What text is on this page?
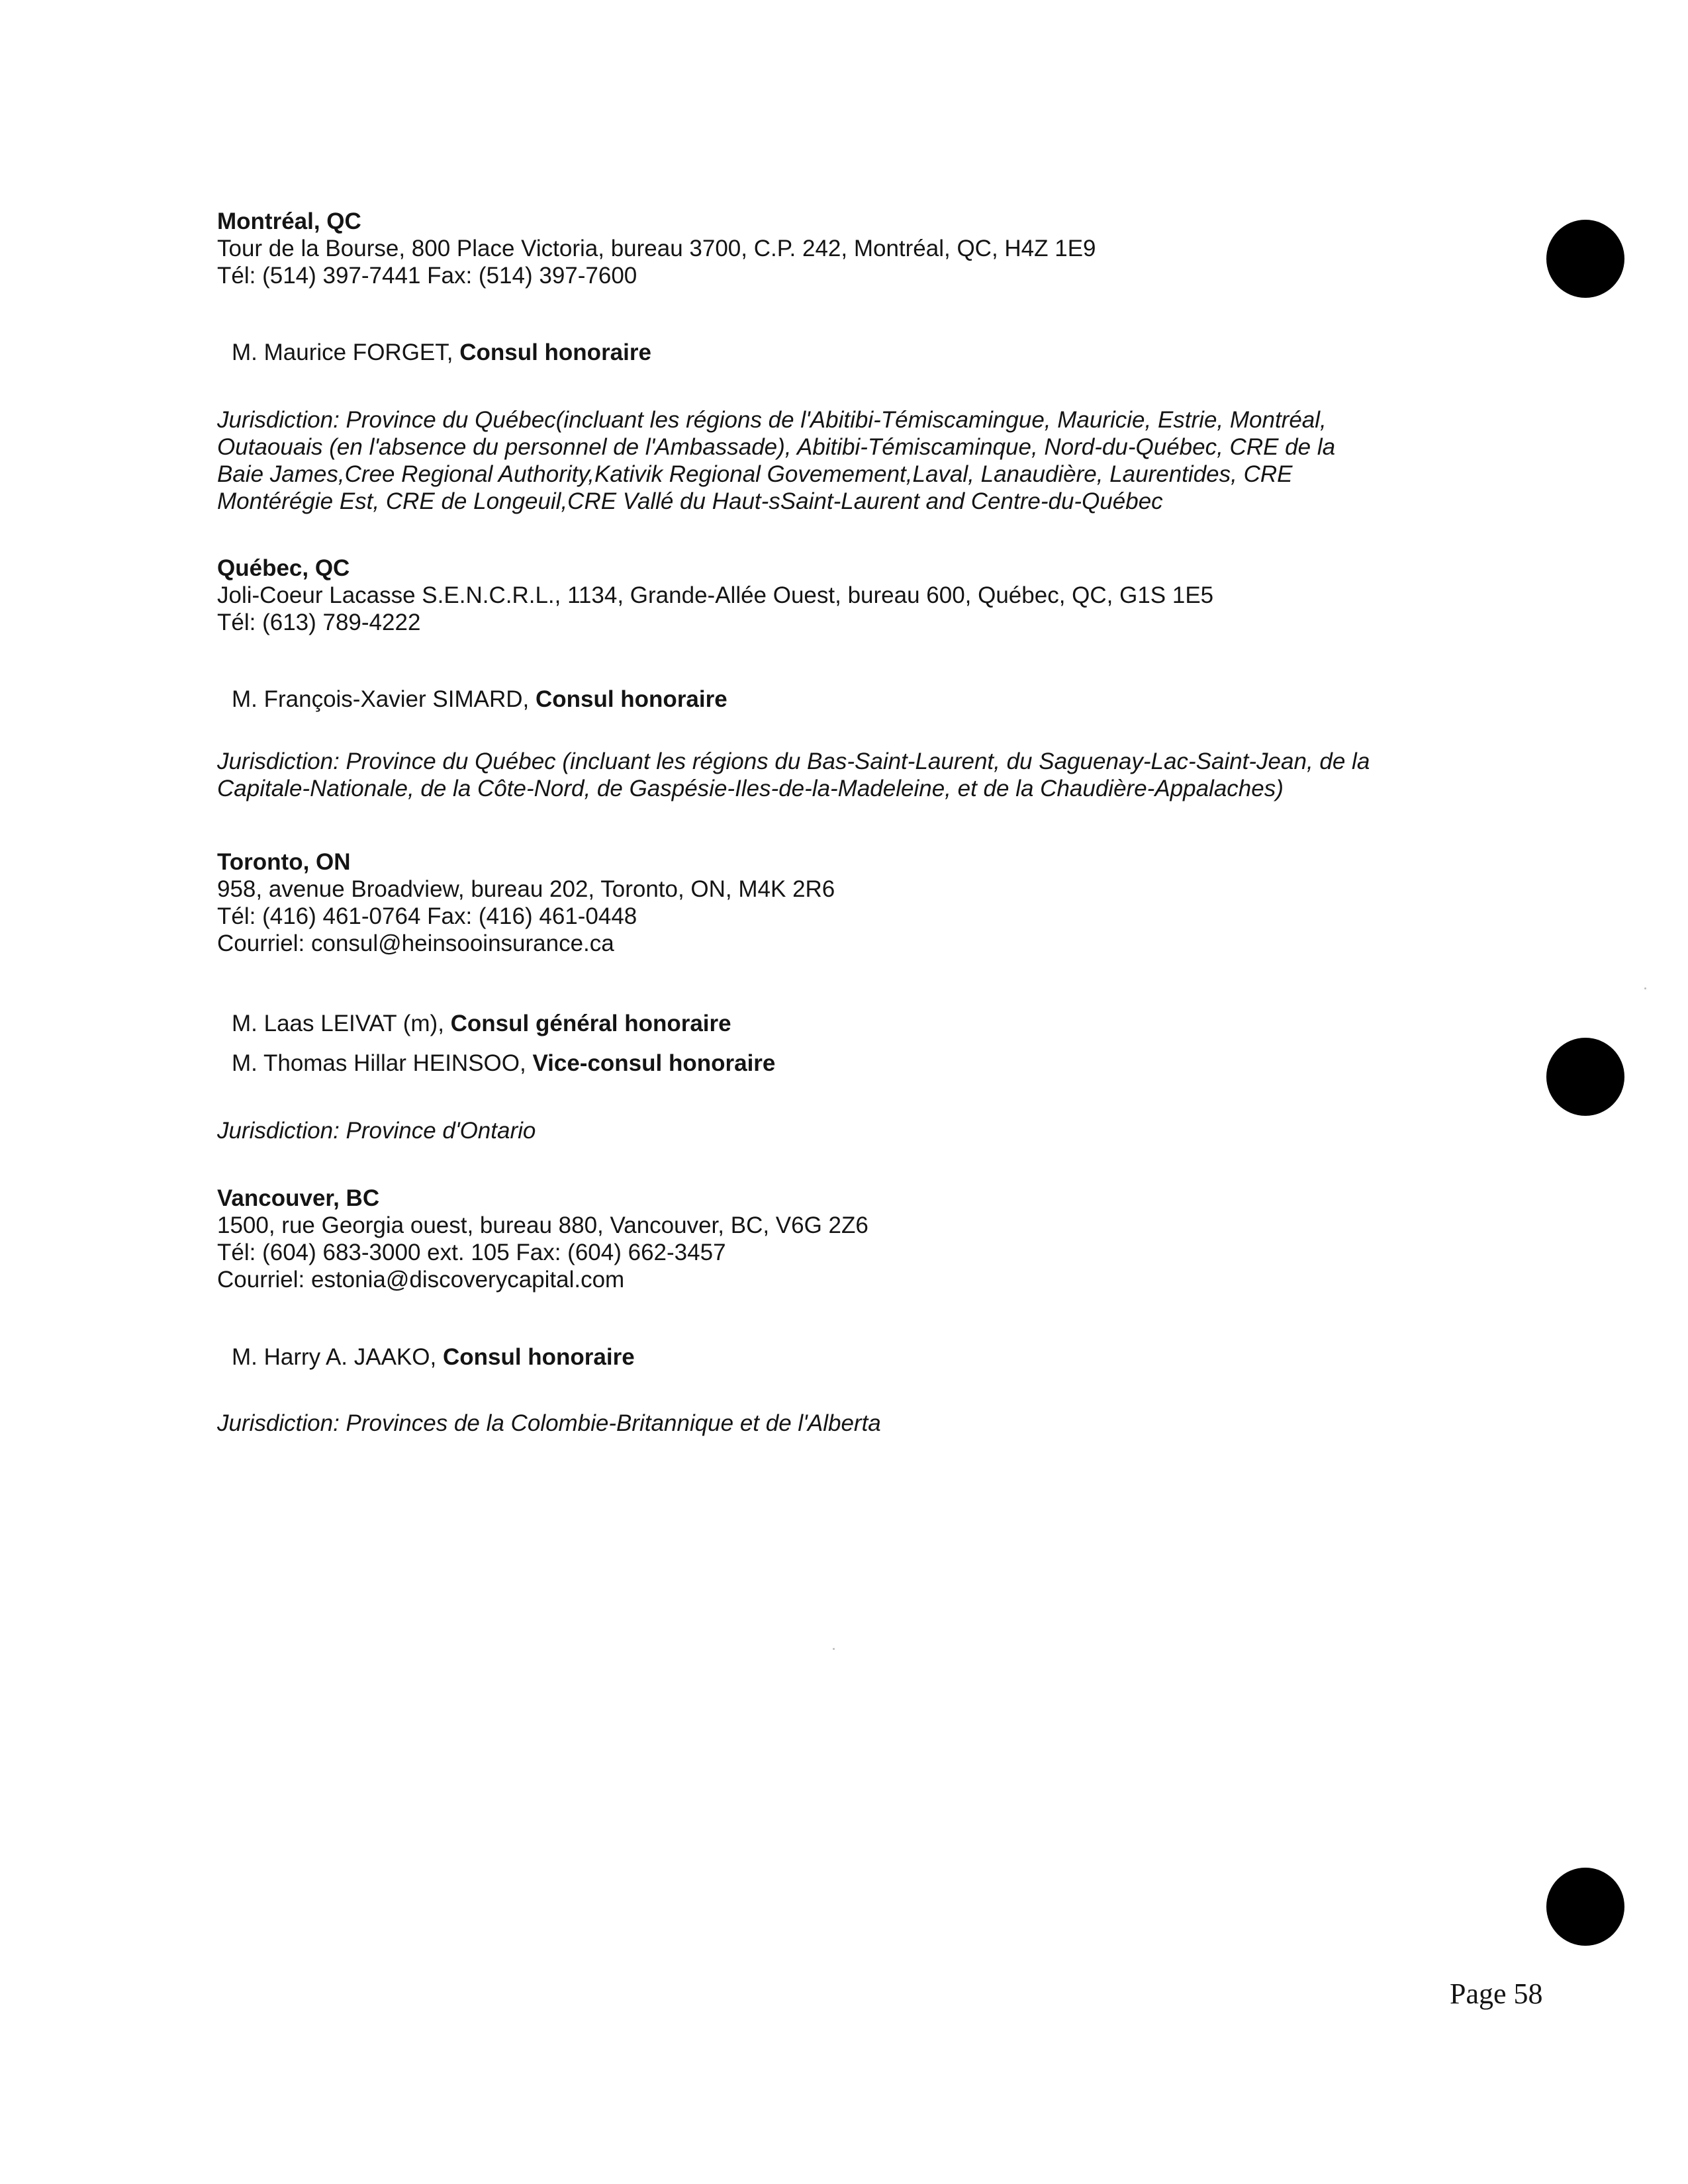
Montréal, QC

Tour de la Bourse, 800 Place Victoria, bureau 3700, C.P. 242, Montréal, QC, H4Z 1E9

Tél: (514) 397-7441 Fax: (514) 397-7600

M. Maurice FORGET, Consul honoraire
Jurisdiction: Province du Québec(incluant les régions de l'Abitibi-Témiscamingue, Mauricie, Estrie, Montréal,
Outaouais (en l'absence du personnel de l'Ambassade), Abitibi-Témiscaminque, Nord-du-Québec, CRE de la
Baie James,Cree Regional Authority,Kativik Regional Govemement,Laval, Lanaudière, Laurentides, CRE
Montérégie Est, CRE de Longeuil,CRE Vallé du Haut-sSaint-Laurent and Centre-du-Québec

Québec, QC

Joli-Coeur Lacasse S.E.N.C.R.L., 1134, Grande-Allée Ouest, bureau 600, Québec, QC, G1S 1E5

Tél: (613) 789-4222

M. François-Xavier SIMARD, Consul honoraire
Jurisdiction: Province du Québec (incluant les régions du Bas-Saint-Laurent, du Saguenay-Lac-Saint-Jean, de la
Capitale-Nationale, de la Côte-Nord, de Gaspésie-Iles-de-la-Madeleine, et de la Chaudière-Appalaches)

Toronto, ON

958, avenue Broadview, bureau 202, Toronto, ON, M4K 2R6

Tél: (416) 461-0764 Fax: (416) 461-0448

Courriel: consul@heinsooinsurance.ca

M. Laas LEIVAT (m), Consul général honoraire
M. Thomas Hillar HEINSOO, Vice-consul honoraire
Jurisdiction: Province d'Ontario

Vancouver, BC

1500, rue Georgia ouest, bureau 880, Vancouver, BC, V6G 2Z6

Tél: (604) 683-3000 ext. 105 Fax: (604) 662-3457

Courriel: estonia@discoverycapital.com

M. Harry A. JAAKO, Consul honoraire
Jurisdiction: Provinces de la Colombie-Britannique et de l'Alberta
Page 58
